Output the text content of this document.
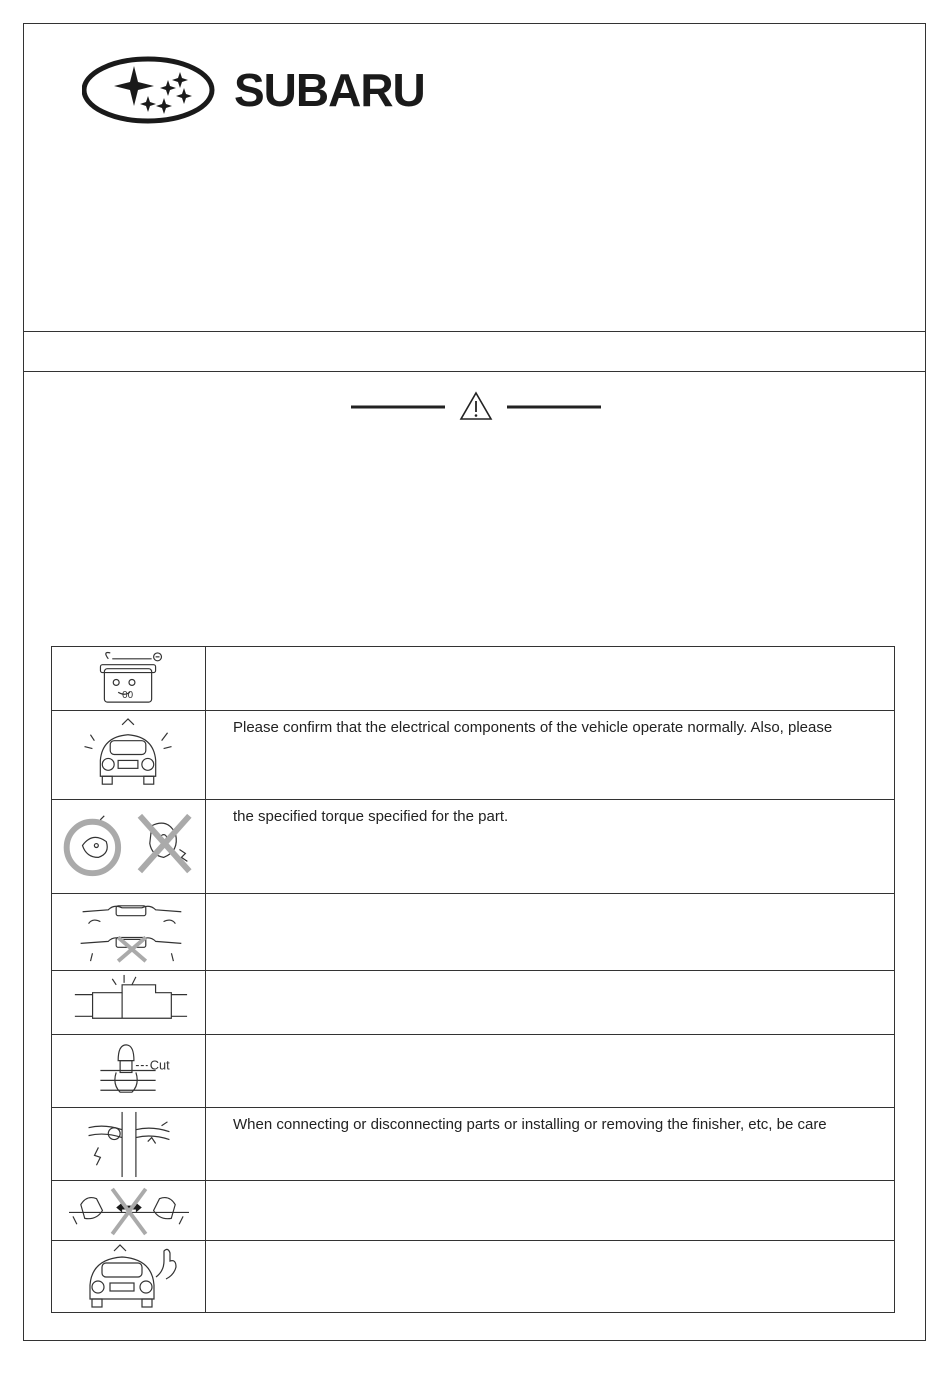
SUBARU
00
Please confirm that the electrical components of the vehicle operate normally. Also, please
the specified torque specified for the part.
Cut
When connecting or disconnecting parts or installing or removing the finisher, etc, be care
